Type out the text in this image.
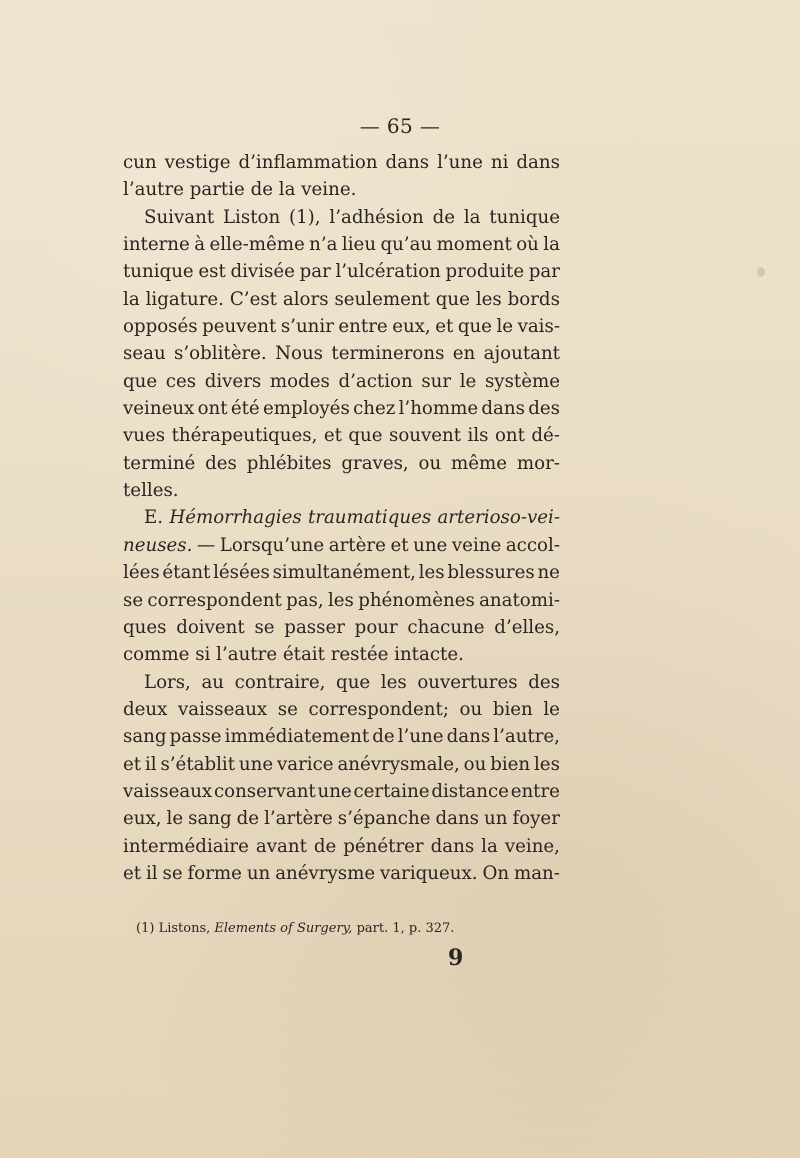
— 65 —
cun vestige d’inflammation dans l’une ni dans
l’autre
partie
de
la
veine.
Suivant Liston (1), l’adhésion de la tunique
interne à elle-même n’a lieu qu’au moment où la
tunique est divisée par l’ulcération produite par
la ligature. C’est alors seulement que les bords
opposés peuvent s’unir entre eux, et que le vais-
seau s’oblitère. Nous terminerons en ajoutant
que ces divers modes d’action sur le système
veineux ont été employés chez l’homme dans des
vues thérapeutiques, et que souvent ils ont dé-
terminé des phlébites graves, ou même mor-
telles.
E. Hémorrhagies traumatiques arterioso-vei-
neuses. — Lorsqu’une artère et une veine accol-
lées étant lésées simultanément, les blessures ne
se correspondent pas, les phénomènes anatomi-
ques doivent se passer pour chacune d’elles,
comme
si
l’autre
était
restée
intacte.
Lors, au contraire, que les ouvertures des
deux vaisseaux se correspondent; ou bien le
sang passe immédiatement de l’une dans l’autre,
et il s’établit une varice anévrysmale, ou bien les
vaisseaux conservant une certaine distance entre
eux, le sang de l’artère s’épanche dans un foyer
intermédiaire avant de pénétrer dans la veine,
et il se forme un anévrysme variqueux. On man-
(1) Listons, Elements of Surgery, part. 1, p. 327.
9
